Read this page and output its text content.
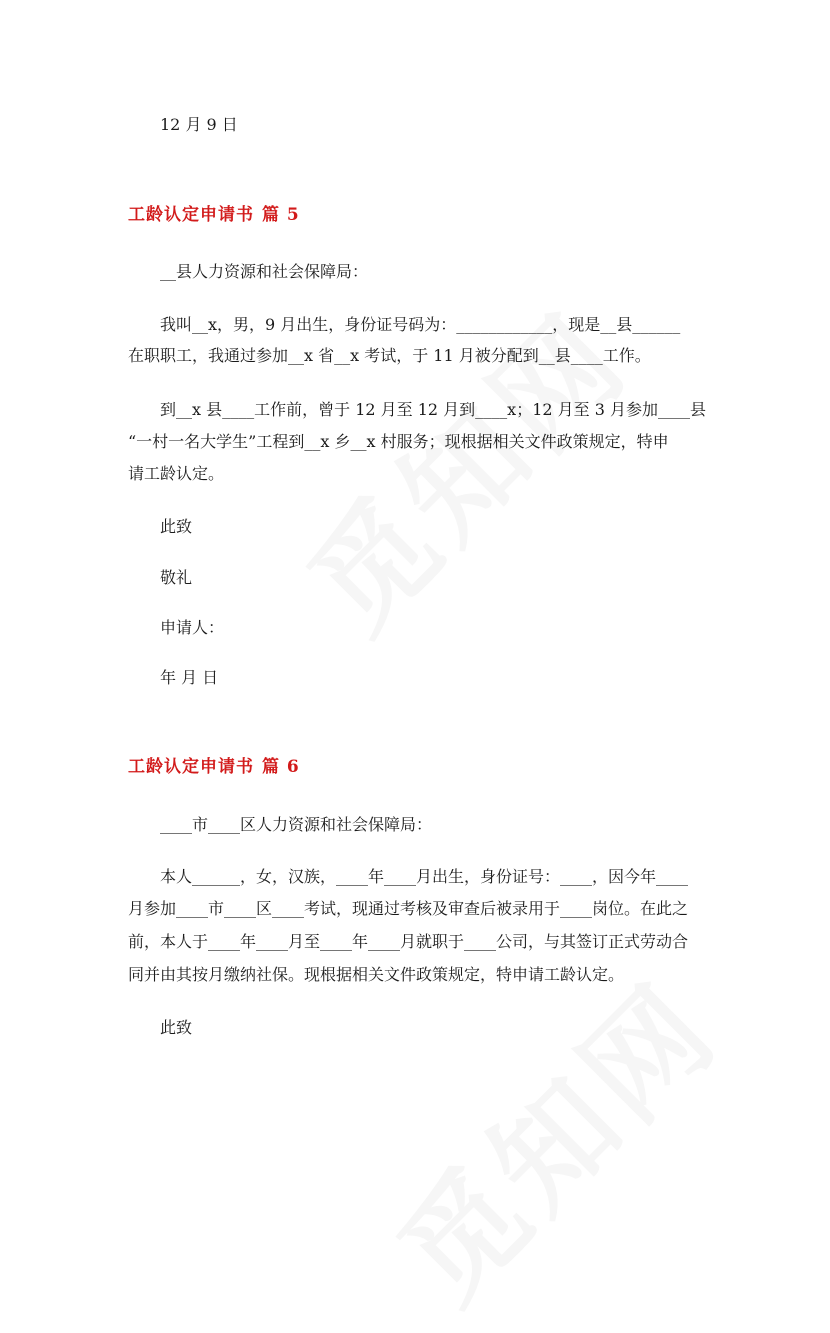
12 月 9 日
工龄认定申请书 篇 5
__县人力资源和社会保障局：
我叫__x，男，9 月出生，身份证号码为：____________，现是__县______
在职职工，我通过参加__x 省__x 考试，于 11 月被分配到__县____工作。
到__x 县____工作前，曾于 12 月至 12 月到____x；12 月至 3 月参加____县
“一村一名大学生”工程到__x 乡__x 村服务；现根据相关文件政策规定，特申
请工龄认定。
此致
敬礼
申请人：
年 月 日
工龄认定申请书 篇 6
____市____区人力资源和社会保障局：
本人______，女，汉族，____年____月出生，身份证号：____，因今年____
月参加____市____区____考试，现通过考核及审查后被录用于____岗位。在此之
前，本人于____年____月至____年____月就职于____公司，与其签订正式劳动合
同并由其按月缴纳社保。现根据相关文件政策规定，特申请工龄认定。
此致
